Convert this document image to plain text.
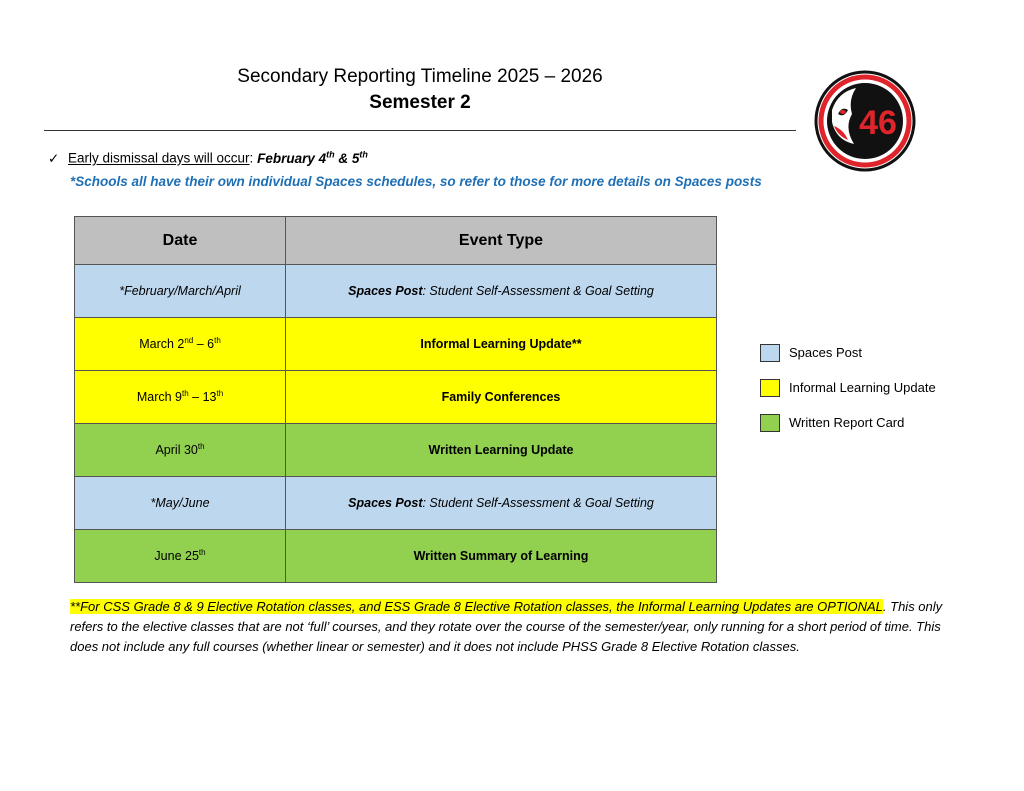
Secondary Reporting Timeline 2025 – 2026
Semester 2
46
✓ Early dismissal days will occur: February 4th & 5th
*Schools all have their own individual Spaces schedules, so refer to those for more details on Spaces posts
Date	Event Type
*February/March/April	Spaces Post: Student Self-Assessment & Goal Setting
March 2nd – 6th	Informal Learning Update**
March 9th – 13th	Family Conferences
April 30th	Written Learning Update
*May/June	Spaces Post: Student Self-Assessment & Goal Setting
June 25th	Written Summary of Learning
Spaces Post
Informal Learning Update
Written Report Card
**For CSS Grade 8 & 9 Elective Rotation classes, and ESS Grade 8 Elective Rotation classes, the Informal Learning Updates are OPTIONAL. This only refers to the elective classes that are not ‘full’ courses, and they rotate over the course of the semester/year, only running for a short period of time. This does not include any full courses (whether linear or semester) and it does not include PHSS Grade 8 Elective Rotation classes.
